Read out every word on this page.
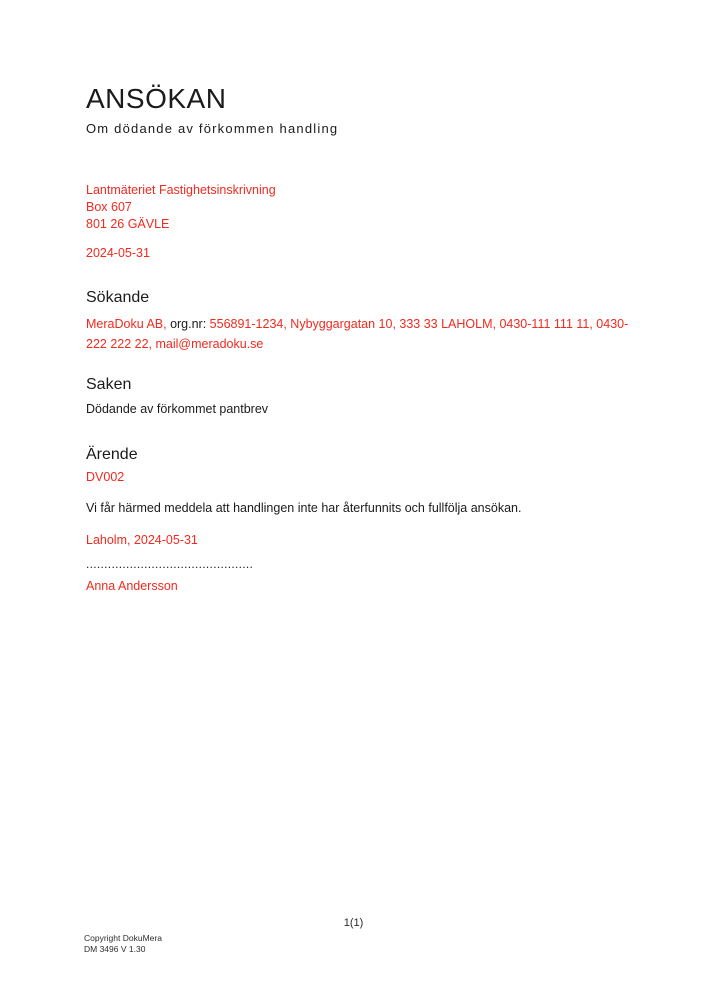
ANSÖKAN
Om dödande av förkommen handling
Lantmäteriet Fastighetsinskrivning
Box 607
801 26 GÄVLE
2024-05-31
Sökande
MeraDoku AB, org.nr: 556891-1234, Nybyggargatan 10, 333 33 LAHOLM, 0430-111 111 11, 0430-
222 222 22, mail@meradoku.se
Saken
Dödande av förkommet pantbrev
Ärende
DV002
Vi får härmed meddela att handlingen inte har återfunnits och fullfölja ansökan.
Laholm, 2024-05-31
..............................................
Anna Andersson
1(1)
Copyright DokuMera
DM 3496 V 1.30
